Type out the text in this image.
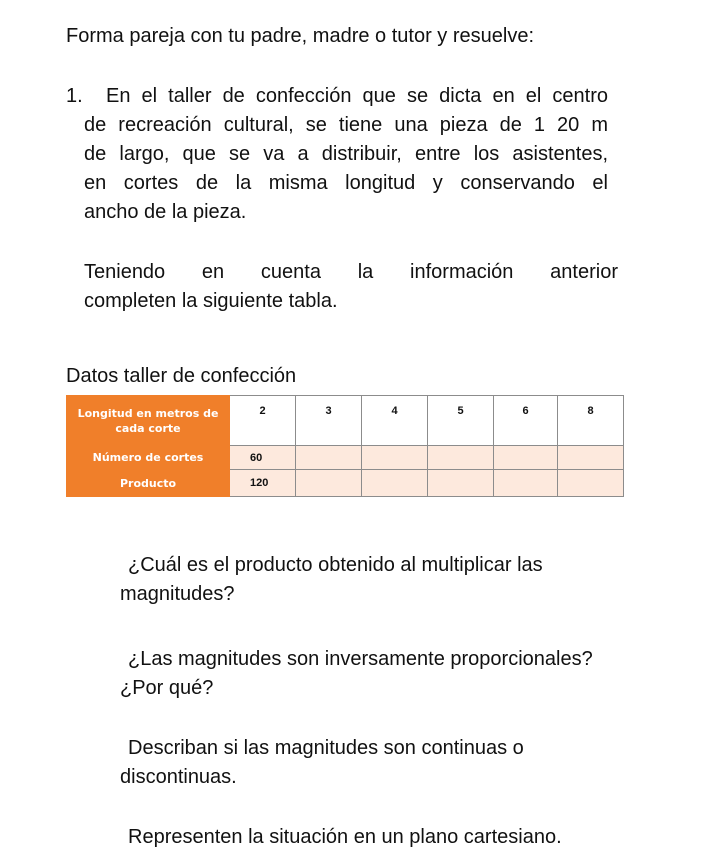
Forma pareja con tu padre, madre o tutor y resuelve:

1.	En el taller de confección que se dicta en el centro
de recreación cultural, se tiene una pieza de 1 20 m
de largo, que se va a distribuir, entre los asistentes,
en cortes de la misma longitud y conservando el
ancho de la pieza.
Teniendo en cuenta la información anterior
completen la siguiente tabla.

Datos taller de confección

Longitud en metros de cada corte	2	3	4	5	6	8
Número de cortes	60					
Producto	120					
¿Cuál es el producto obtenido al multiplicar las
magnitudes?
¿Las magnitudes son inversamente proporcionales?
¿Por qué?
Describan si las magnitudes son continuas o
discontinuas.

Representen la situación en un plano cartesiano.
